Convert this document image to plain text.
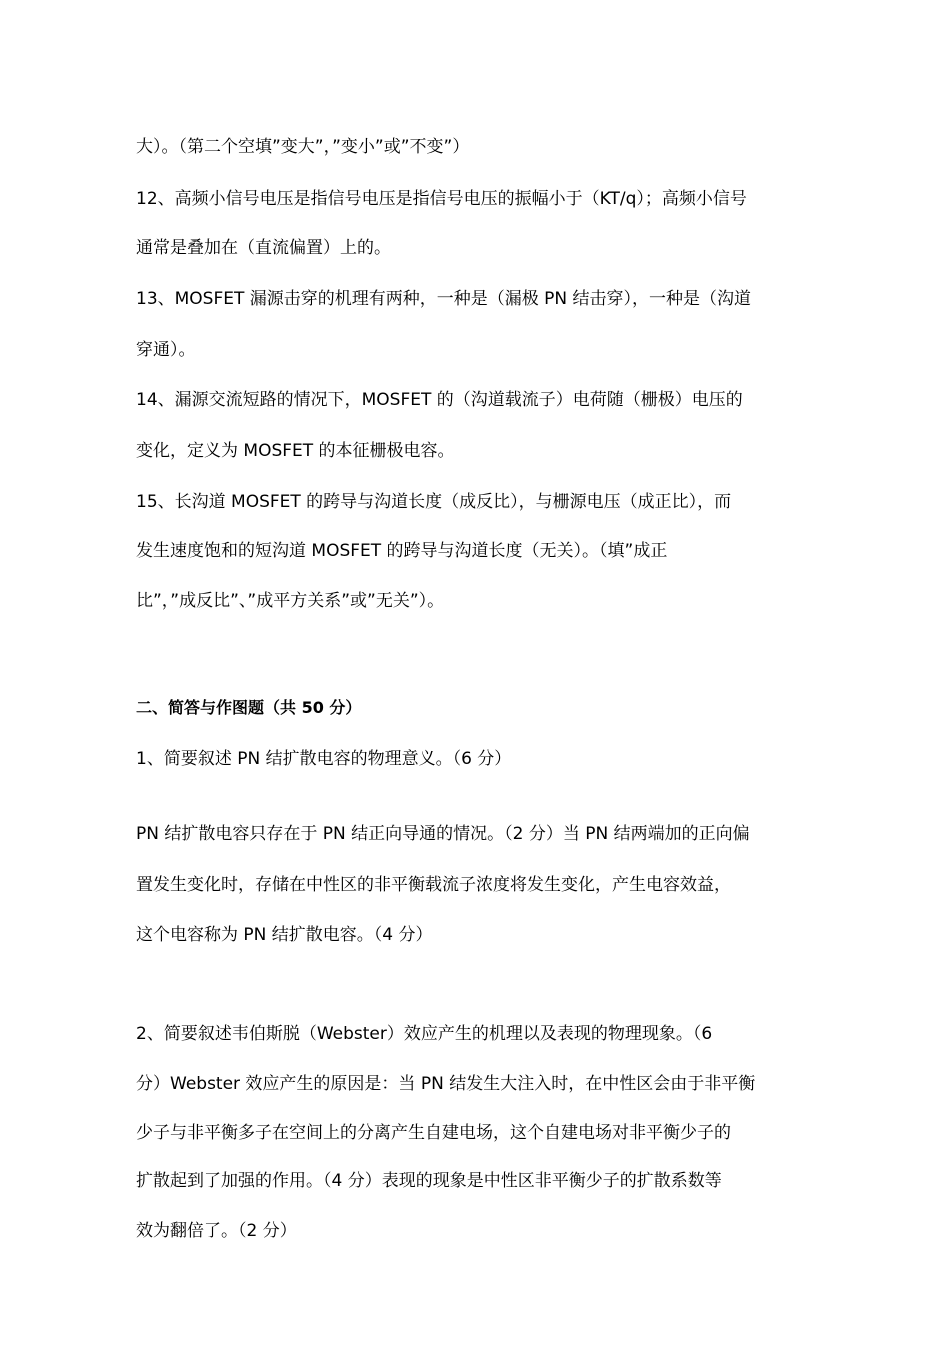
大）。（第二个空填”变大”，”变小”或”不变”）
12、高频小信号电压是指信号电压是指信号电压的振幅小于（KT/q）；高频小信号
通常是叠加在（直流偏置）上的。
13、MOSFET 漏源击穿的机理有两种，一种是（漏极 PN 结击穿），一种是（沟道
穿通）。
14、漏源交流短路的情况下，MOSFET 的（沟道载流子）电荷随（栅极）电压的
变化，定义为 MOSFET 的本征栅极电容。
15、长沟道 MOSFET 的跨导与沟道长度（成反比），与栅源电压（成正比），而
发生速度饱和的短沟道 MOSFET 的跨导与沟道长度（无关）。（填”成正
比”，”成反比”、”成平方关系”或”无关”）。
二、简答与作图题（共 50 分）
1、简要叙述 PN 结扩散电容的物理意义。（6 分）
PN 结扩散电容只存在于 PN 结正向导通的情况。（2 分）当 PN 结两端加的正向偏
置发生变化时，存储在中性区的非平衡载流子浓度将发生变化，产生电容效益，
这个电容称为 PN 结扩散电容。（4 分）
2、简要叙述韦伯斯脱（Webster）效应产生的机理以及表现的物理现象。（6
分）Webster 效应产生的原因是：当 PN 结发生大注入时，在中性区会由于非平衡
少子与非平衡多子在空间上的分离产生自建电场，这个自建电场对非平衡少子的
扩散起到了加强的作用。（4 分）表现的现象是中性区非平衡少子的扩散系数等
效为翻倍了。（2 分）
